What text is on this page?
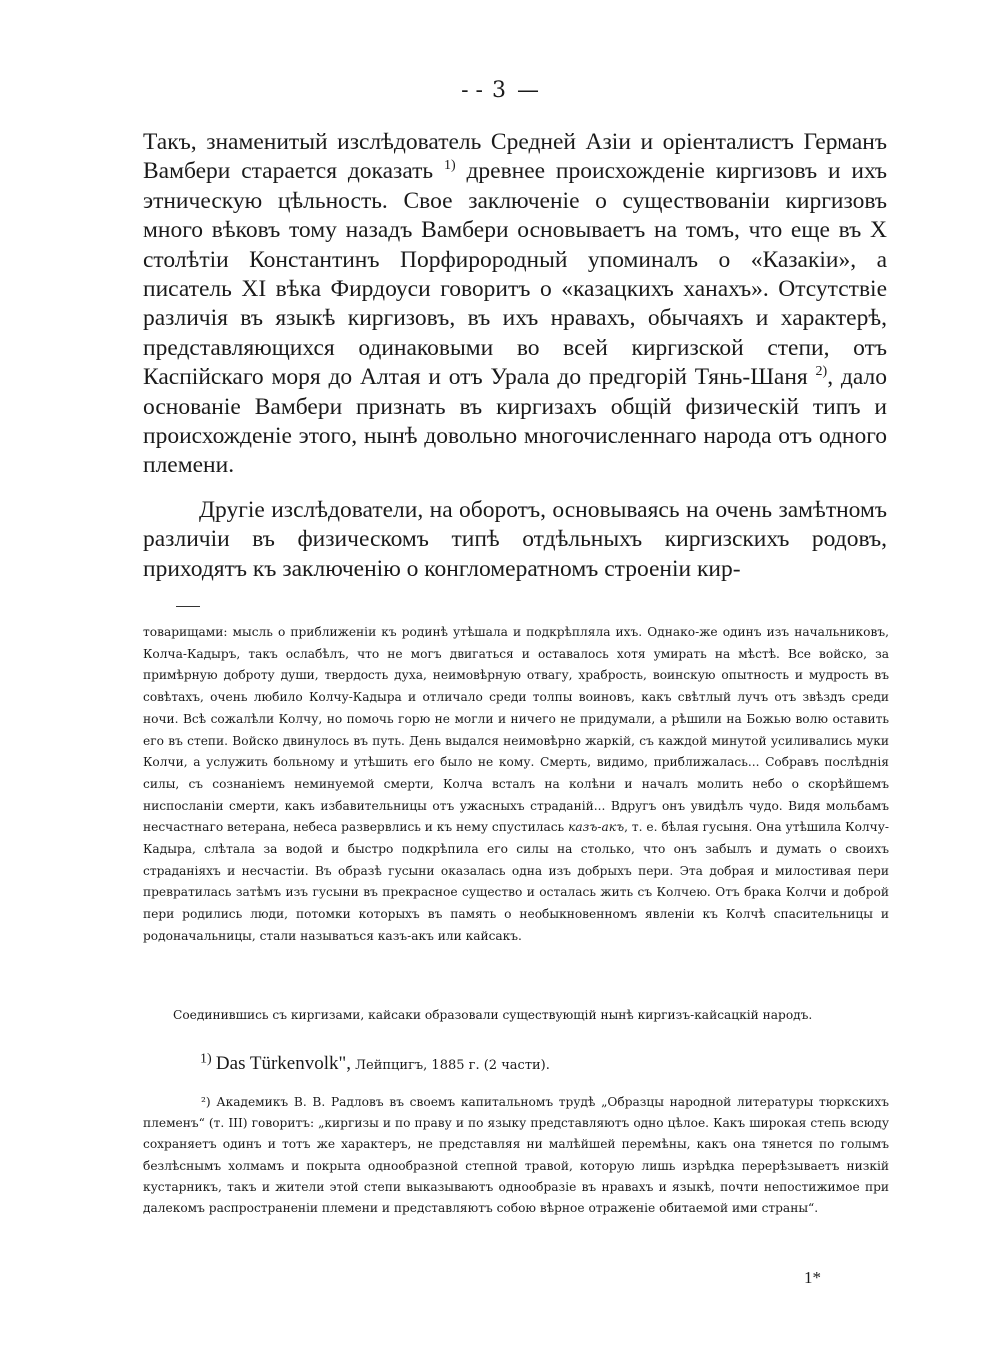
- - 3 —

Такъ, знаменитый изслѣдователь Средней Азіи и оріенталистъ Германъ Вамбери старается доказать $^{1)}$ древнее происхожденіе киргизовъ и ихъ этническую цѣльность. Свое заключеніе о существованіи киргизовъ много вѣковъ тому назадъ Вамбери основываетъ на томъ, что еще въ X столѣтіи Константинъ Порфирородный упоминалъ о «Казакіи», а писатель XI вѣка Фирдоуси говоритъ о «казацкихъ ханахъ». Отсутствіе различія въ языкѣ киргизовъ, въ ихъ нравахъ, обычаяхъ и характерѣ, представляющихся одинаковыми во всей киргизской степи, отъ Каспійскаго моря до Алтая и отъ Урала до предгорій Тянь-Шаня $^{2)}$, дало основаніе Вамбери признать въ киргизахъ общій физическій типъ и происхожденіе этого, нынѣ довольно многочисленнаго народа отъ одного племени.

Другіе изслѣдователи, на оборотъ, основываясь на очень замѣтномъ различіи въ физическомъ типѣ отдѣльныхъ киргизскихъ родовъ, приходятъ къ заключенію о конгломератномъ строеніи кир-

товарищами: мысль о приближеніи къ родинѣ утѣшала и подкрѣпляла ихъ. Однако-же одинъ изъ начальниковъ, Колча-Кадыръ, такъ ослабѣлъ, что не могъ двигаться и оставалось хотя умирать на мѣстѣ. Все войско, за примѣрную доброту души, твердость духа, неимовѣрную отвагу, храбрость, воинскую опытность и мудрость въ совѣтахъ, очень любило Колчу-Кадыра и отличало среди толпы воиновъ, какъ свѣтлый лучъ отъ звѣздъ среди ночи. Всѣ сожалѣли Колчу, но помочь горю не могли и ничего не придумали, а рѣшили на Божью волю оставить его въ степи. Войско двинулось въ путь. День выдался неимовѣрно жаркій, съ каждой минутой усиливались муки Колчи, а услужить больному и утѣшить его было не кому. Смерть, видимо, приближалась... Собравъ послѣднія силы, съ сознаніемъ неминуемой смерти, Колча всталъ на колѣни и началъ молить небо о скорѣйшемъ ниспосланіи смерти, какъ избавительницы отъ ужасныхъ страданій... Вдругъ онъ увидѣлъ чудо. Видя мольбамъ несчастнаго ветерана, небеса развервлись и къ нему спустилась казъ-акъ, т. е. бѣлая гусыня. Она утѣшила Колчу-Кадыра, слѣтала за водой и быстро подкрѣпила его силы на столько, что онъ забылъ и думать о своихъ страданіяхъ и несчастіи. Въ образѣ гусыни оказалась одна изъ добрыхъ пери. Эта добрая и милостивая пери превратилась затѣмъ изъ гусыни въ прекрасное существо и осталась жить съ Колчею. Отъ брака Колчи и доброй пери родились люди, потомки которыхъ въ память о необыкновенномъ явленіи къ Колчѣ спасительницы и родоначальницы, стали называться казъ-акъ или кайсакъ.

Соединившись съ киргизами, кайсаки образовали существующій нынѣ киргизъ-кайсацкій народъ.

$^{1)}$ Das Türkenvolk", Лейпцигъ, 1885 г. (2 части).

²) Академикъ В. В. Радловъ въ своемъ капитальномъ трудѣ „Образцы народной литературы тюркскихъ племенъ“ (т. III) говоритъ: „киргизы и по праву и по языку представляютъ одно цѣлое. Какъ широкая степь всюду сохраняетъ одинъ и тотъ же характеръ, не представляя ни малѣйшей перемѣны, какъ она тянется по голымъ безлѣснымъ холмамъ и покрыта однообразной степной травой, которую лишь изрѣдка перерѣзываетъ низкій кустарникъ, такъ и жители этой степи выказываютъ однообразіе въ нравахъ и языкѣ, почти непостижимое при далекомъ распространеніи племени и представляютъ собою вѣрное отраженіе обитаемой ими страны“.

1*
